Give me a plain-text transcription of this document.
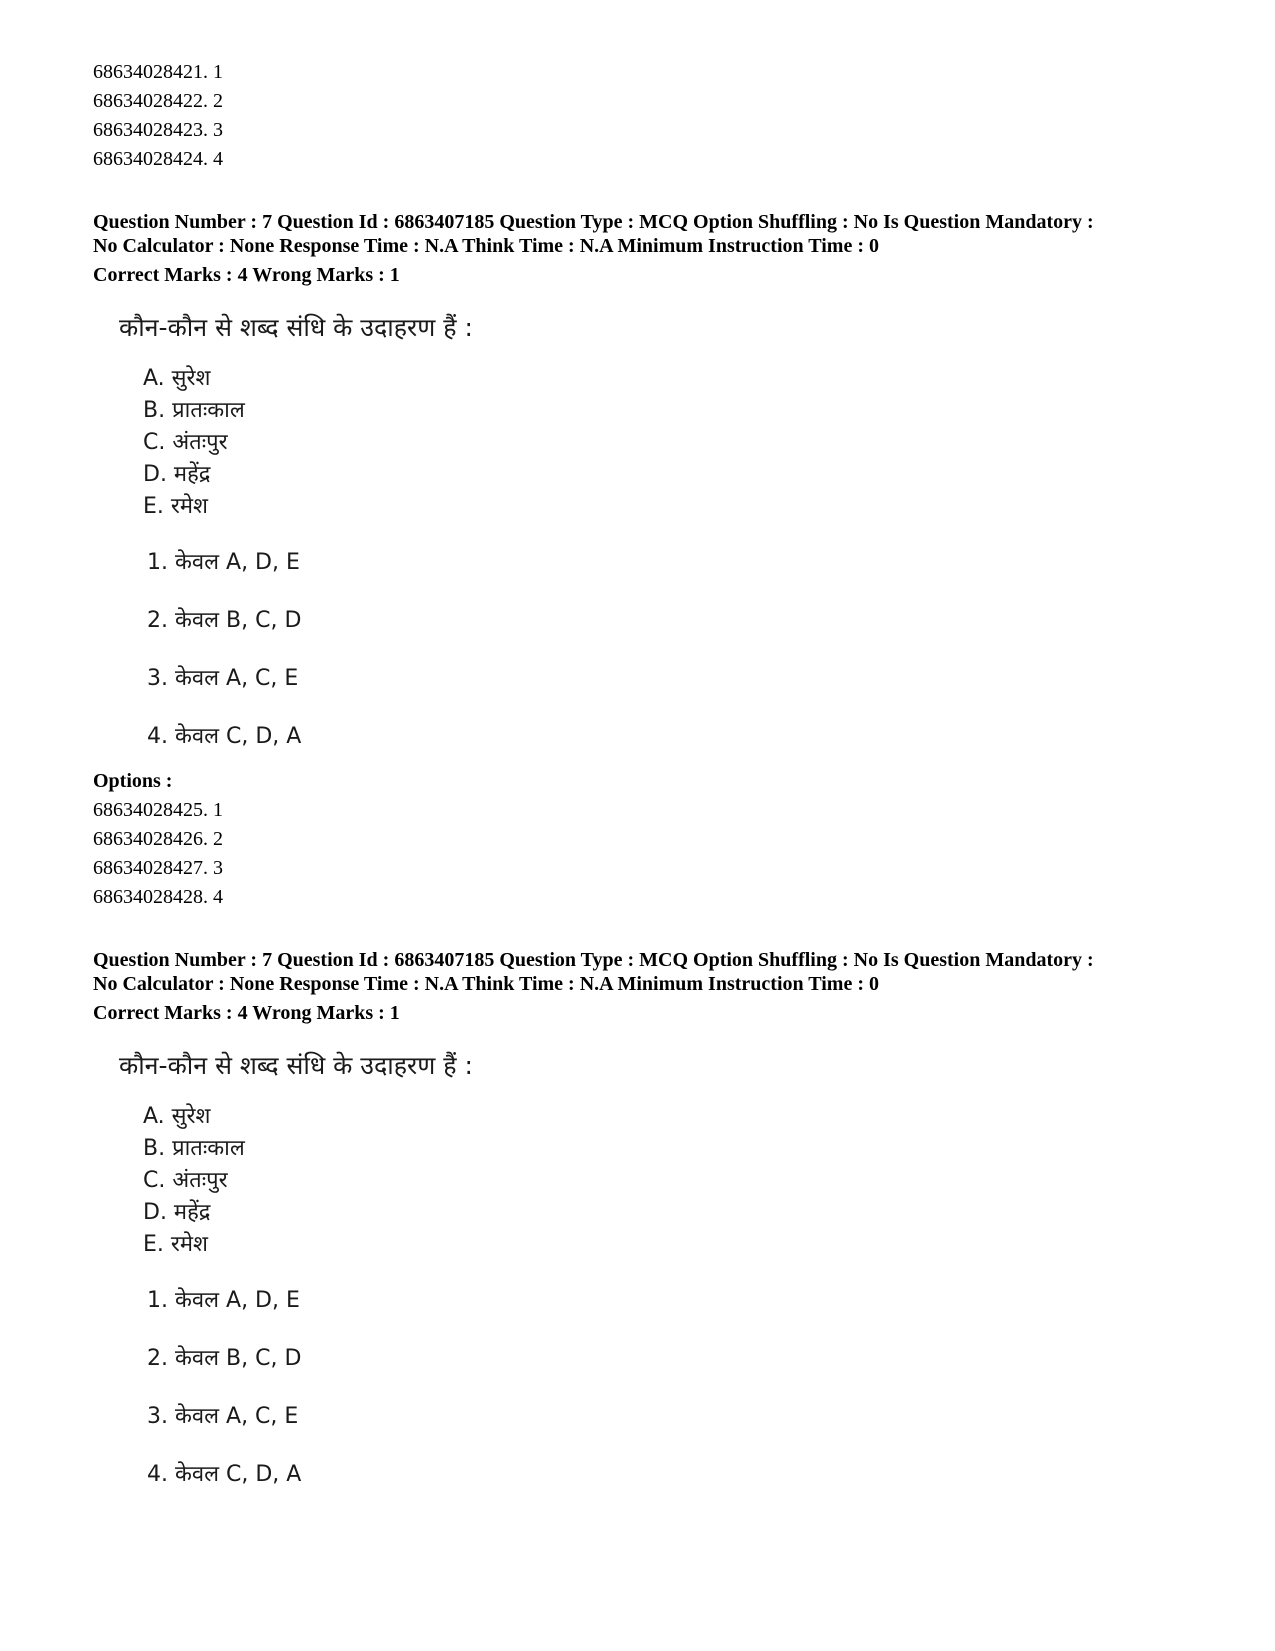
68634028421. 1
68634028422. 2
68634028423. 3
68634028424. 4
Question Number : 7 Question Id : 6863407185 Question Type : MCQ Option Shuffling : No Is Question Mandatory :
No Calculator : None Response Time : N.A Think Time : N.A Minimum Instruction Time : 0
Correct Marks : 4 Wrong Marks : 1
कौन-कौन से शब्द संधि के उदाहरण हैं :
A. सुरेश
B. प्रातःकाल
C. अंतःपुर
D. महेंद्र
E. रमेश
1. केवल A, D, E
2. केवल B, C, D
3. केवल A, C, E
4. केवल C, D, A
Options :
68634028425. 1
68634028426. 2
68634028427. 3
68634028428. 4
Question Number : 7 Question Id : 6863407185 Question Type : MCQ Option Shuffling : No Is Question Mandatory :
No Calculator : None Response Time : N.A Think Time : N.A Minimum Instruction Time : 0
Correct Marks : 4 Wrong Marks : 1
कौन-कौन से शब्द संधि के उदाहरण हैं :
A. सुरेश
B. प्रातःकाल
C. अंतःपुर
D. महेंद्र
E. रमेश
1. केवल A, D, E
2. केवल B, C, D
3. केवल A, C, E
4. केवल C, D, A
